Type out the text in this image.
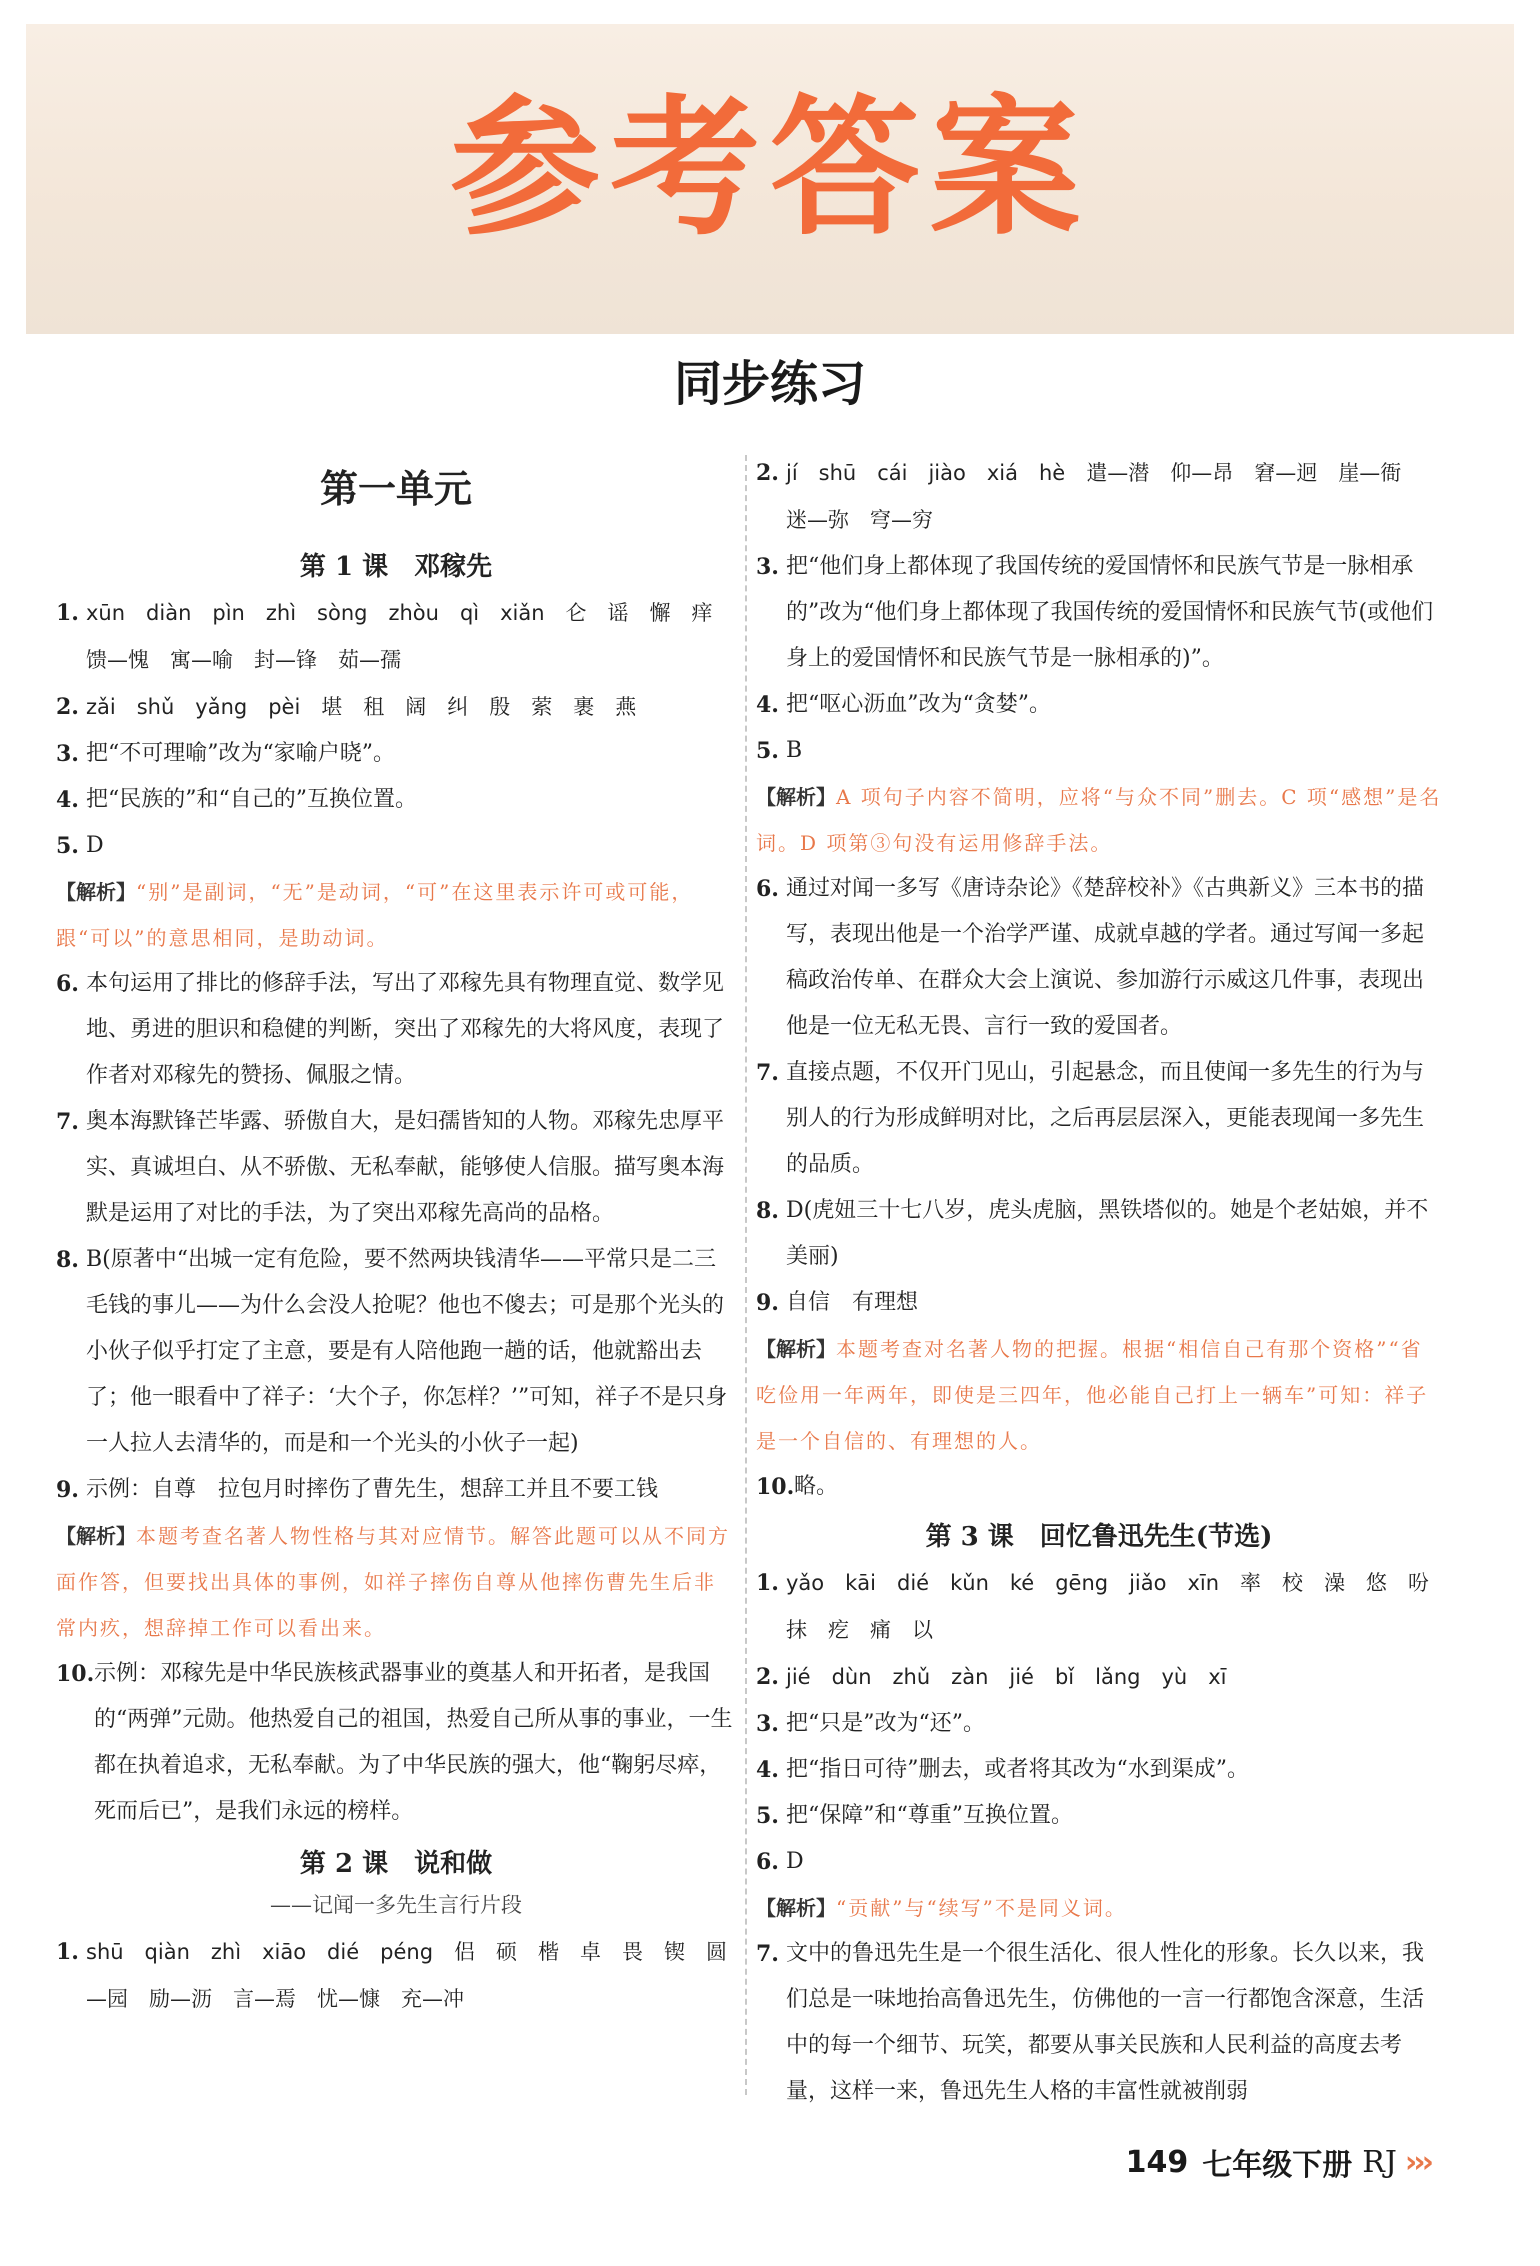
参考答案
同步练习
第一单元
第 1 课　邓稼先
1. xūn　diàn　pìn　zhì　sòng　zhòu　qì　xiǎn　仑　谣　懈　痒　馈—愧　寓—喻　封—锋　茹—孺
2. zǎi　shǔ　yǎng　pèi　堪　租　阔　纠　殷　萦　裹　燕
3. 把“不可理喻”改为“家喻户晓”。
4. 把“民族的”和“自己的”互换位置。
5. D

【解析】“别”是副词，“无”是动词，“可”在这里表示许可或可能，跟“可以”的意思相同，是助动词。

6. 本句运用了排比的修辞手法，写出了邓稼先具有物理直觉、数学见地、勇进的胆识和稳健的判断，突出了邓稼先的大将风度，表现了作者对邓稼先的赞扬、佩服之情。
7. 奥本海默锋芒毕露、骄傲自大，是妇孺皆知的人物。邓稼先忠厚平实、真诚坦白、从不骄傲、无私奉献，能够使人信服。描写奥本海默是运用了对比的手法，为了突出邓稼先高尚的品格。
8. B(原著中“出城一定有危险，要不然两块钱清华——平常只是二三毛钱的事儿——为什么会没人抢呢？他也不傻去；可是那个光头的小伙子似乎打定了主意，要是有人陪他跑一趟的话，他就豁出去了；他一眼看中了祥子：‘大个子，你怎样？’”可知，祥子不是只身一人拉人去清华的，而是和一个光头的小伙子一起)
9. 示例：自尊　拉包月时摔伤了曹先生，想辞工并且不要工钱

【解析】本题考查名著人物性格与其对应情节。解答此题可以从不同方面作答，但要找出具体的事例，如祥子摔伤自尊从他摔伤曹先生后非常内疚，想辞掉工作可以看出来。

10. 示例：邓稼先是中华民族核武器事业的奠基人和开拓者，是我国的“两弹”元勋。他热爱自己的祖国，热爱自己所从事的事业，一生都在执着追求，无私奉献。为了中华民族的强大，他“鞠躬尽瘁，死而后已”，是我们永远的榜样。
第 2 课　说和做
——记闻一多先生言行片段
1. shū　qiàn　zhì　xiāo　dié　péng　侣　硕　楷　卓　畏　锲　圆—园　励—沥　言—焉　忧—慷　充—冲
2. jí　shū　cái　jiào　xiá　hè　遣—潜　仰—昂　窘—迥　崖—衙　迷—弥　穹—穷
3. 把“他们身上都体现了我国传统的爱国情怀和民族气节是一脉相承的”改为“他们身上都体现了我国传统的爱国情怀和民族气节(或他们身上的爱国情怀和民族气节是一脉相承的)”。
4. 把“呕心沥血”改为“贪婪”。
5. B

【解析】A 项句子内容不简明，应将“与众不同”删去。C 项“感想”是名词。D 项第③句没有运用修辞手法。

6. 通过对闻一多写《唐诗杂论》《楚辞校补》《古典新义》三本书的描写，表现出他是一个治学严谨、成就卓越的学者。通过写闻一多起稿政治传单、在群众大会上演说、参加游行示威这几件事，表现出他是一位无私无畏、言行一致的爱国者。
7. 直接点题，不仅开门见山，引起悬念，而且使闻一多先生的行为与别人的行为形成鲜明对比，之后再层层深入，更能表现闻一多先生的品质。
8. D(虎妞三十七八岁，虎头虎脑，黑铁塔似的。她是个老姑娘，并不美丽)
9. 自信　有理想

【解析】本题考查对名著人物的把握。根据“相信自己有那个资格”“省吃俭用一年两年，即使是三四年，他必能自己打上一辆车”可知：祥子是一个自信的、有理想的人。

10. 略。
第 3 课　回忆鲁迅先生(节选)
1. yǎo　kāi　dié　kǔn　ké　gēng　jiǎo　xīn　率　校　澡　悠　吩　抹　疙　痛　以
2. jié　dùn　zhǔ　zàn　jié　bǐ　lǎng　yù　xī
3. 把“只是”改为“还”。
4. 把“指日可待”删去，或者将其改为“水到渠成”。
5. 把“保障”和“尊重”互换位置。
6. D

【解析】“贡献”与“续写”不是同义词。

7. 文中的鲁迅先生是一个很生活化、很人性化的形象。长久以来，我们总是一味地抬高鲁迅先生，仿佛他的一言一行都饱含深意，生活中的每一个细节、玩笑，都要从事关民族和人民利益的高度去考量，这样一来，鲁迅先生人格的丰富性就被削弱
149 七年级下册 RJ ›››
